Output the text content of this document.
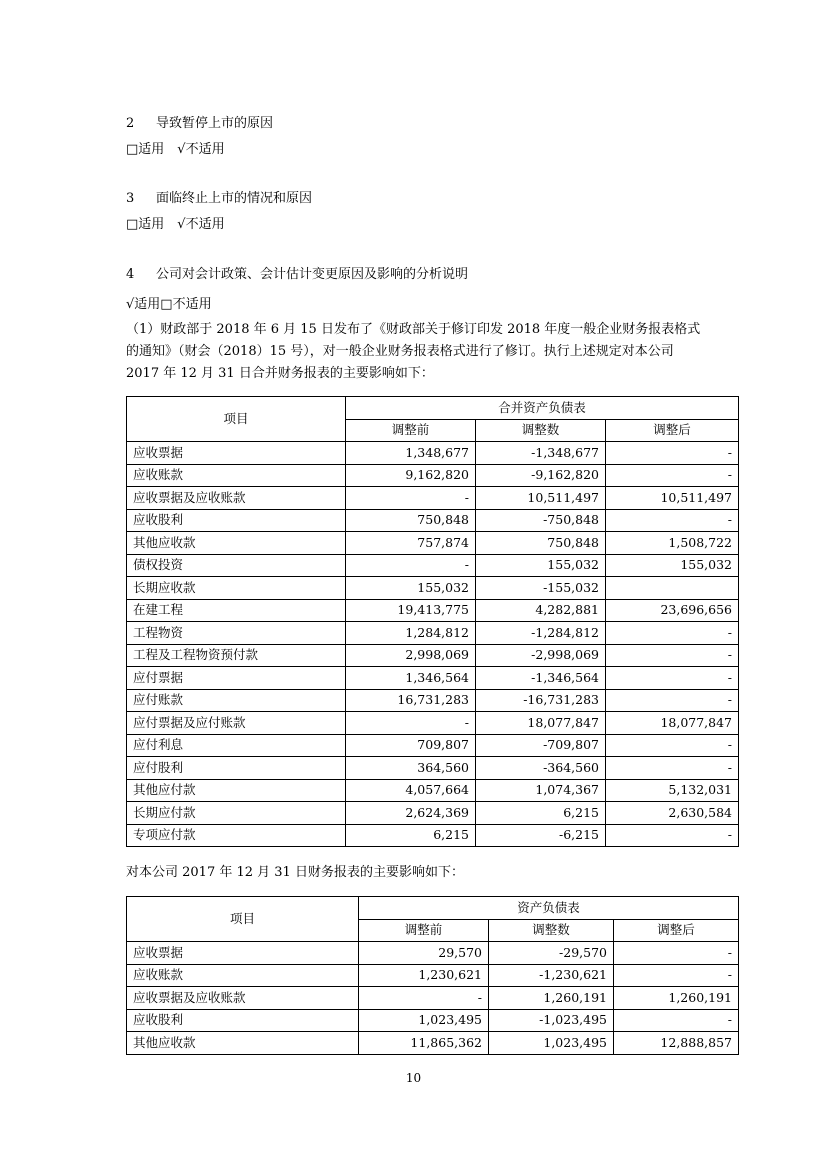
2 导致暂停上市的原因
□适用　√不适用
3 面临终止上市的情况和原因
□适用　√不适用
4 公司对会计政策、会计估计变更原因及影响的分析说明
√适用□不适用
（1）财政部于 2018 年 6 月 15 日发布了《财政部关于修订印发 2018 年度一般企业财务报表格式
的通知》（财会（2018）15 号），对一般企业财务报表格式进行了修订。执行上述规定对本公司
2017 年 12 月 31 日合并财务报表的主要影响如下：
项目	合并资产负债表		
	调整前	调整数	调整后
应收票据	1,348,677	-1,348,677	-
应收账款	9,162,820	-9,162,820	-
应收票据及应收账款	-	10,511,497	10,511,497
应收股利	750,848	-750,848	-
其他应收款	757,874	750,848	1,508,722
债权投资	-	155,032	155,032
长期应收款	155,032	-155,032	
在建工程	19,413,775	4,282,881	23,696,656
工程物资	1,284,812	-1,284,812	-
工程及工程物资预付款	2,998,069	-2,998,069	-
应付票据	1,346,564	-1,346,564	-
应付账款	16,731,283	-16,731,283	-
应付票据及应付账款	-	18,077,847	18,077,847
应付利息	709,807	-709,807	-
应付股利	364,560	-364,560	-
其他应付款	4,057,664	1,074,367	5,132,031
长期应付款	2,624,369	6,215	2,630,584
专项应付款	6,215	-6,215	-
对本公司 2017 年 12 月 31 日财务报表的主要影响如下：
项目	资产负债表		
	调整前	调整数	调整后
应收票据	29,570	-29,570	-
应收账款	1,230,621	-1,230,621	-
应收票据及应收账款	-	1,260,191	1,260,191
应收股利	1,023,495	-1,023,495	-
其他应收款	11,865,362	1,023,495	12,888,857
10
